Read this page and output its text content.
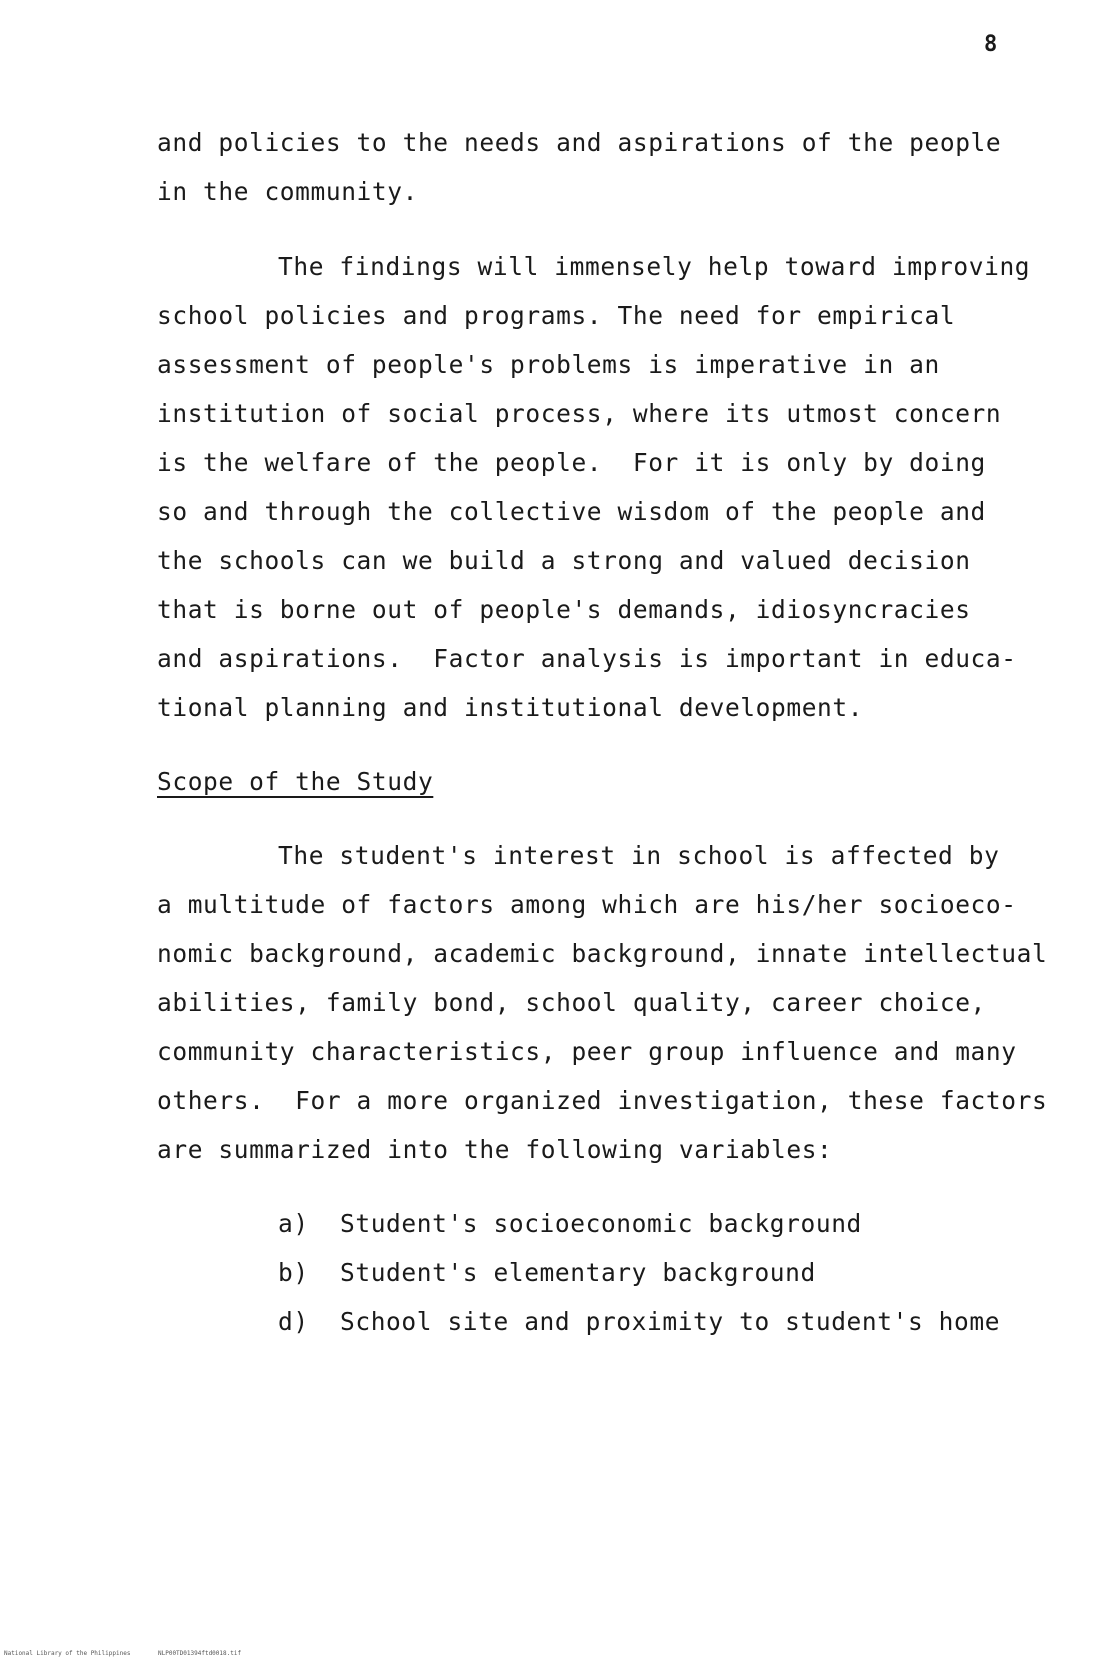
8
and policies to the needs and aspirations of the people
in the community.
The findings will immensely help toward improving
school policies and programs. The need for empirical
assessment of people's problems is imperative in an
institution of social process, where its utmost concern
is the welfare of the people.  For it is only by doing
so and through the collective wisdom of the people and
the schools can we build a strong and valued decision
that is borne out of people's demands, idiosyncracies
and aspirations.  Factor analysis is important in educa-
tional planning and institutional development.
Scope of the Study
The student's interest in school is affected by
a multitude of factors among which are his/her socioeco-
nomic background, academic background, innate intellectual
abilities, family bond, school quality, career choice,
community characteristics, peer group influence and many
others.  For a more organized investigation, these factors
are summarized into the following variables:
a) Student's socioeconomic background
b) Student's elementary background
d) School site and proximity to student's home
National Library of the Philippines	NLP00TD01394ftd0018.tif
